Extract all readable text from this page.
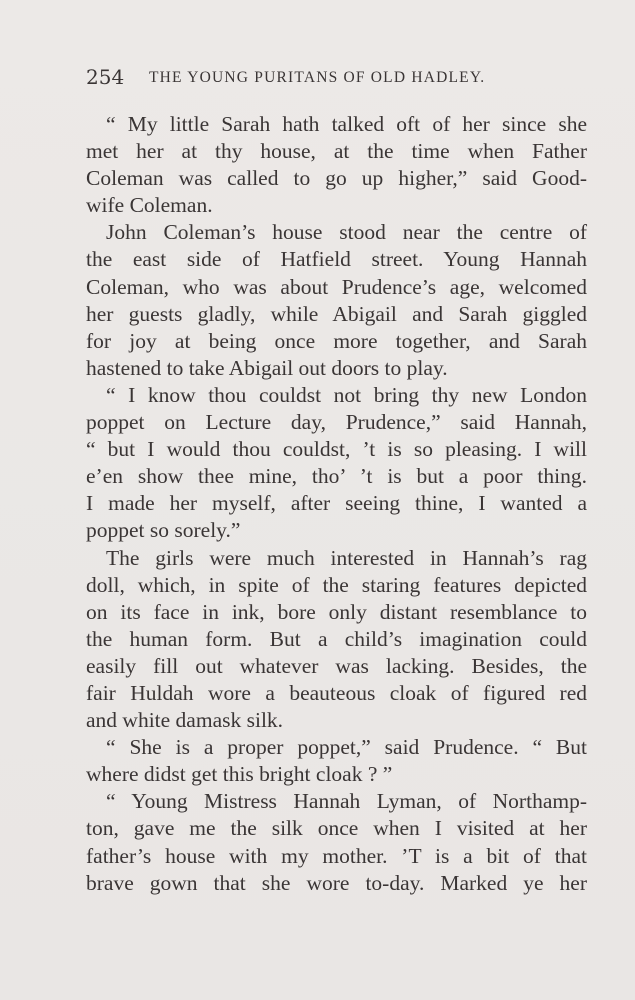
254 THE YOUNG PURITANS OF OLD HADLEY.
“ My little Sarah hath talked oft of her since she
met her at thy house, at the time when Father
Coleman was called to go up higher,” said Good-
wife Coleman.
John Coleman’s house stood near the centre of
the east side of Hatfield street. Young Hannah
Coleman, who was about Prudence’s age, welcomed
her guests gladly, while Abigail and Sarah giggled
for joy at being once more together, and Sarah
hastened to take Abigail out doors to play.
“ I know thou couldst not bring thy new London
poppet on Lecture day, Prudence,” said Hannah,
“ but I would thou couldst, ’t is so pleasing. I will
e’en show thee mine, tho’ ’t is but a poor thing.
I made her myself, after seeing thine, I wanted a
poppet so sorely.”
The girls were much interested in Hannah’s rag
doll, which, in spite of the staring features depicted
on its face in ink, bore only distant resemblance to
the human form. But a child’s imagination could
easily fill out whatever was lacking. Besides, the
fair Huldah wore a beauteous cloak of figured red
and white damask silk.
“ She is a proper poppet,” said Prudence. “ But
where didst get this bright cloak ? ”
“ Young Mistress Hannah Lyman, of Northamp-
ton, gave me the silk once when I visited at her
father’s house with my mother. ’T is a bit of that
brave gown that she wore to-day. Marked ye her
